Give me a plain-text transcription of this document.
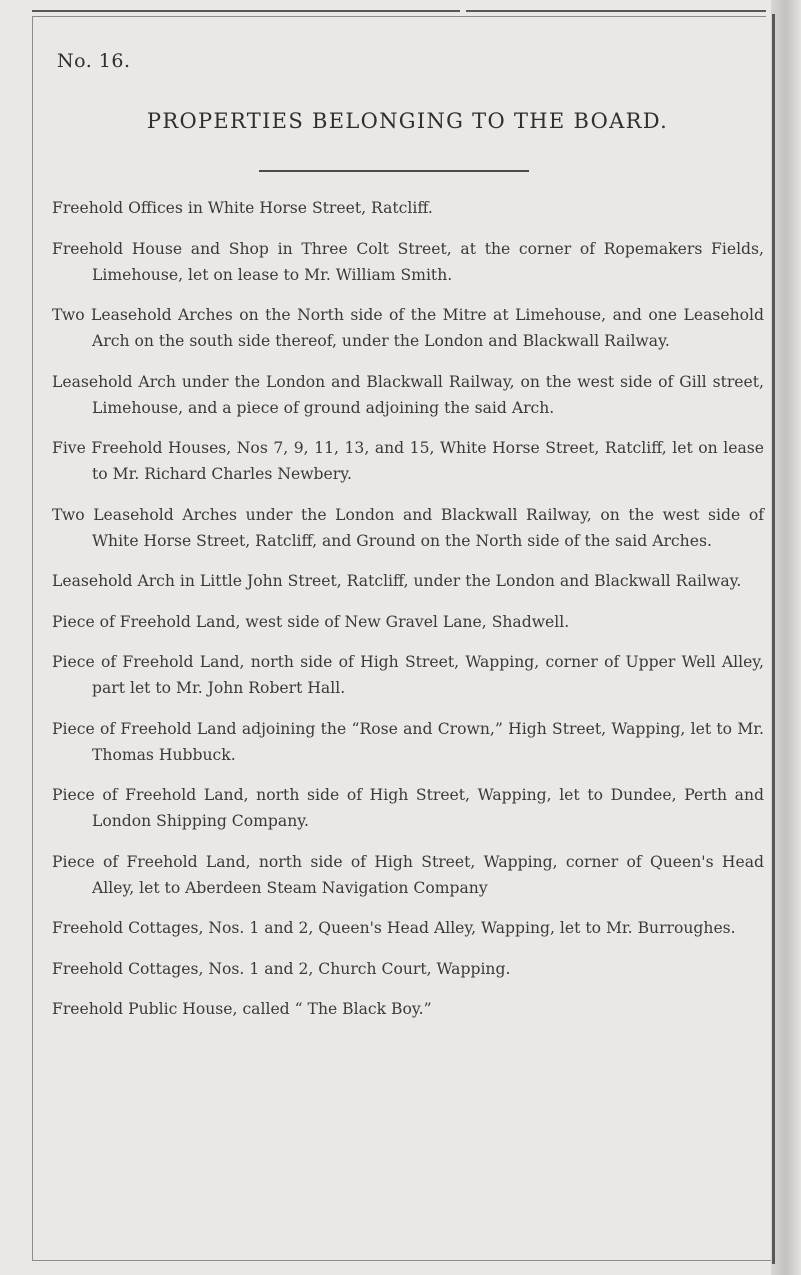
No. 16.
PROPERTIES BELONGING TO THE BOARD.
Freehold Offices in White Horse Street, Ratcliff.
Freehold House and Shop in Three Colt Street, at the corner of Ropemakers Fields, Limehouse, let on lease to Mr. William Smith.
Two Leasehold Arches on the North side of the Mitre at Limehouse, and one Leasehold Arch on the south side thereof, under the London and Blackwall Railway.
Leasehold Arch under the London and Blackwall Railway, on the west side of Gill street, Limehouse, and a piece of ground adjoining the said Arch.
Five Freehold Houses, Nos 7, 9, 11, 13, and 15, White Horse Street, Ratcliff, let on lease to Mr. Richard Charles Newbery.
Two Leasehold Arches under the London and Blackwall Railway, on the west side of White Horse Street, Ratcliff, and Ground on the North side of the said Arches.
Leasehold Arch in Little John Street, Ratcliff, under the London and Blackwall Railway.
Piece of Freehold Land, west side of New Gravel Lane, Shadwell.
Piece of Freehold Land, north side of High Street, Wapping, corner of Upper Well Alley, part let to Mr. John Robert Hall.
Piece of Freehold Land adjoining the “Rose and Crown,” High Street, Wapping, let to Mr. Thomas Hubbuck.
Piece of Freehold Land, north side of High Street, Wapping, let to Dundee, Perth and London Shipping Company.
Piece of Freehold Land, north side of High Street, Wapping, corner of Queen's Head Alley, let to Aberdeen Steam Navigation Company
Freehold Cottages, Nos. 1 and 2, Queen's Head Alley, Wapping, let to Mr. Burroughes.
Freehold Cottages, Nos. 1 and 2, Church Court, Wapping.
Freehold Public House, called “ The Black Boy.”
